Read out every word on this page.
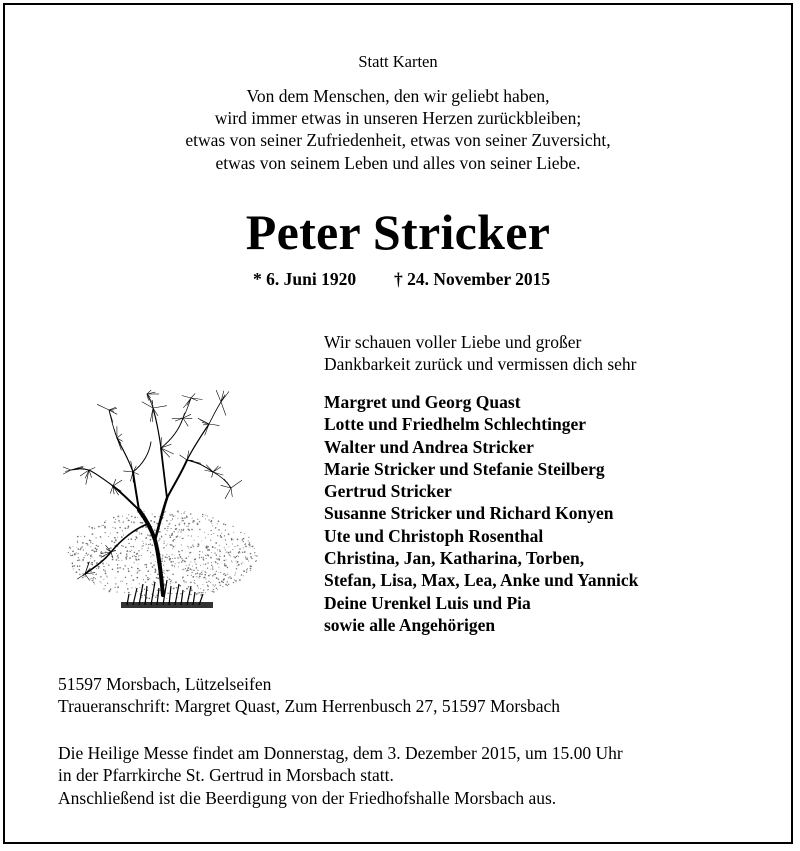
Statt Karten
Von dem Menschen, den wir geliebt haben,
wird immer etwas in unseren Herzen zurückbleiben;
etwas von seiner Zufriedenheit, etwas von seiner Zuversicht,
etwas von seinem Leben und alles von seiner Liebe.
Peter Stricker
* 6. Juni 1920 † 24. November 2015
Wir schauen voller Liebe und großer
Dankbarkeit zurück und vermissen dich sehr
Margret und Georg Quast
Lotte und Friedhelm Schlechtinger
Walter und Andrea Stricker
Marie Stricker und Stefanie Steilberg
Gertrud Stricker
Susanne Stricker und Richard Konyen
Ute und Christoph Rosenthal
Christina, Jan, Katharina, Torben,
Stefan, Lisa, Max, Lea, Anke und Yannick
Deine Urenkel Luis und Pia
sowie alle Angehörigen
51597 Morsbach, Lützelseifen
Traueranschrift: Margret Quast, Zum Herrenbusch 27, 51597 Morsbach
Die Heilige Messe findet am Donnerstag, dem 3. Dezember 2015, um 15.00 Uhr
in der Pfarrkirche St. Gertrud in Morsbach statt.
Anschließend ist die Beerdigung von der Friedhofshalle Morsbach aus.
